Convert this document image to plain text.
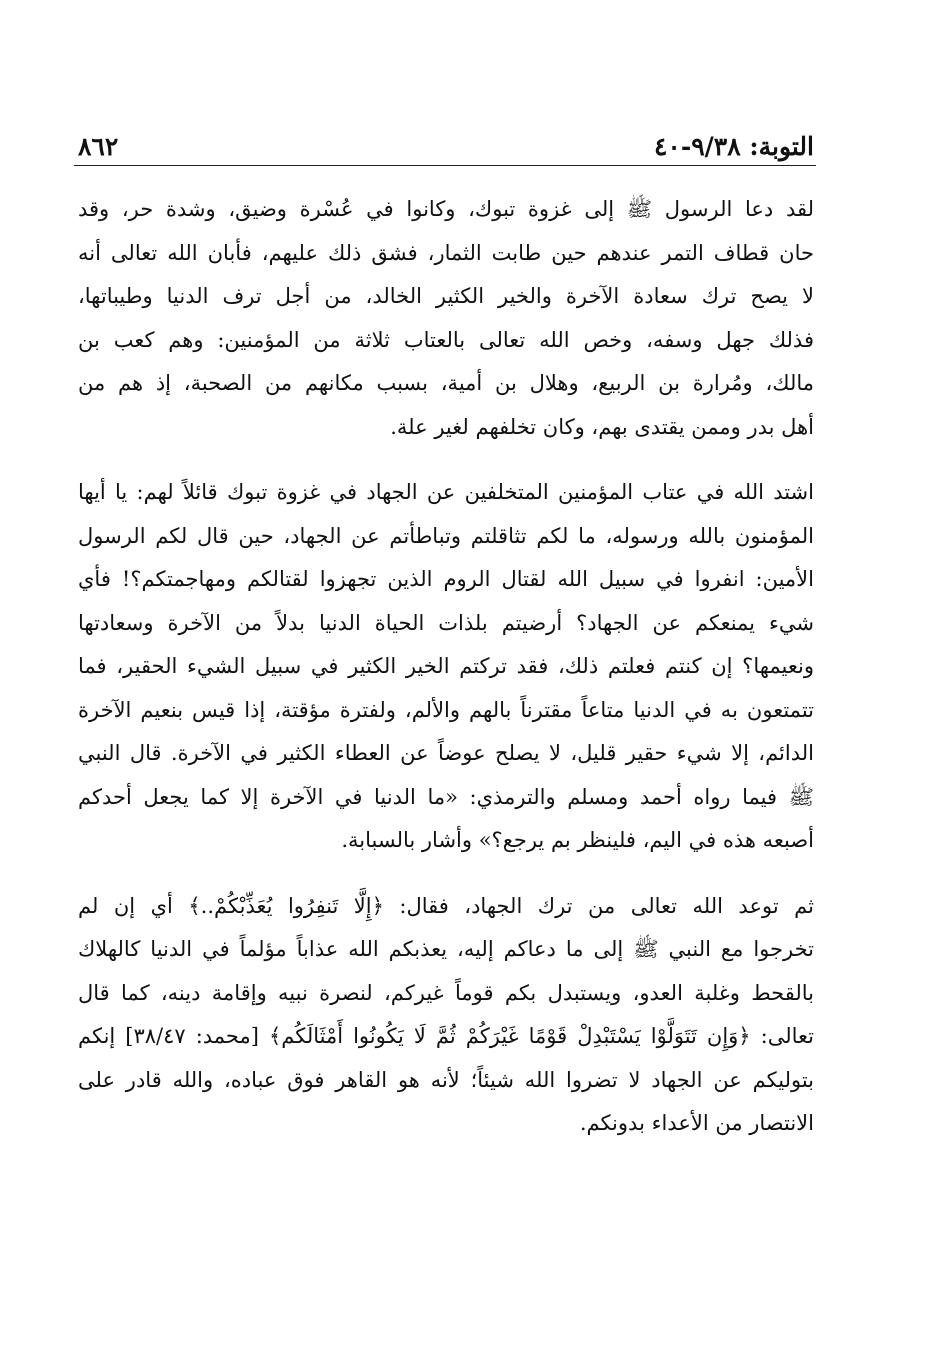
التوبة: ٩/٣٨-٤٠
٨٦٢
لقد دعا الرسول ﷺ إلى غزوة تبوك، وكانوا في عُسْرة وضيق، وشدة حر، وقد
حان قطاف التمر عندهم حين طابت الثمار، فشق ذلك عليهم، فأبان الله تعالى أنه
لا يصح ترك سعادة الآخرة والخير الكثير الخالد، من أجل ترف الدنيا وطيباتها،
فذلك جهل وسفه، وخص الله تعالى بالعتاب ثلاثة من المؤمنين: وهم كعب بن
مالك، ومُرارة بن الربيع، وهلال بن أمية، بسبب مكانهم من الصحبة، إذ هم من
أهل بدر وممن يقتدى بهم، وكان تخلفهم لغير علة.
اشتد الله في عتاب المؤمنين المتخلفين عن الجهاد في غزوة تبوك قائلاً لهم: يا أيها
المؤمنون بالله ورسوله، ما لكم تثاقلتم وتباطأتم عن الجهاد، حين قال لكم الرسول
الأمين: انفروا في سبيل الله لقتال الروم الذين تجهزوا لقتالكم ومهاجمتكم؟! فأي
شيء يمنعكم عن الجهاد؟ أرضيتم بلذات الحياة الدنيا بدلاً من الآخرة وسعادتها
ونعيمها؟ إن كنتم فعلتم ذلك، فقد تركتم الخير الكثير في سبيل الشيء الحقير، فما
تتمتعون به في الدنيا متاعاً مقترناً بالهم والألم، ولفترة مؤقتة، إذا قيس بنعيم الآخرة
الدائم، إلا شيء حقير قليل، لا يصلح عوضاً عن العطاء الكثير في الآخرة. قال النبي
ﷺ فيما رواه أحمد ومسلم والترمذي: «ما الدنيا في الآخرة إلا كما يجعل أحدكم
أصبعه هذه في اليم، فلينظر بم يرجع؟» وأشار بالسبابة.
ثم توعد الله تعالى من ترك الجهاد، فقال: ﴿إِلَّا تَنفِرُوا يُعَذِّبْكُمْ..﴾ أي إن لم
تخرجوا مع النبي ﷺ إلى ما دعاكم إليه، يعذبكم الله عذاباً مؤلماً في الدنيا كالهلاك
بالقحط وغلبة العدو، ويستبدل بكم قوماً غيركم، لنصرة نبيه وإقامة دينه، كما قال
تعالى: ﴿وَإِن تَتَوَلَّوْا يَسْتَبْدِلْ قَوْمًا غَيْرَكُمْ ثُمَّ لَا يَكُونُوا أَمْثَالَكُم﴾ [محمد: ٣٨/٤٧] إنكم
بتوليكم عن الجهاد لا تضروا الله شيئاً؛ لأنه هو القاهر فوق عباده، والله قادر على
الانتصار من الأعداء بدونكم.
